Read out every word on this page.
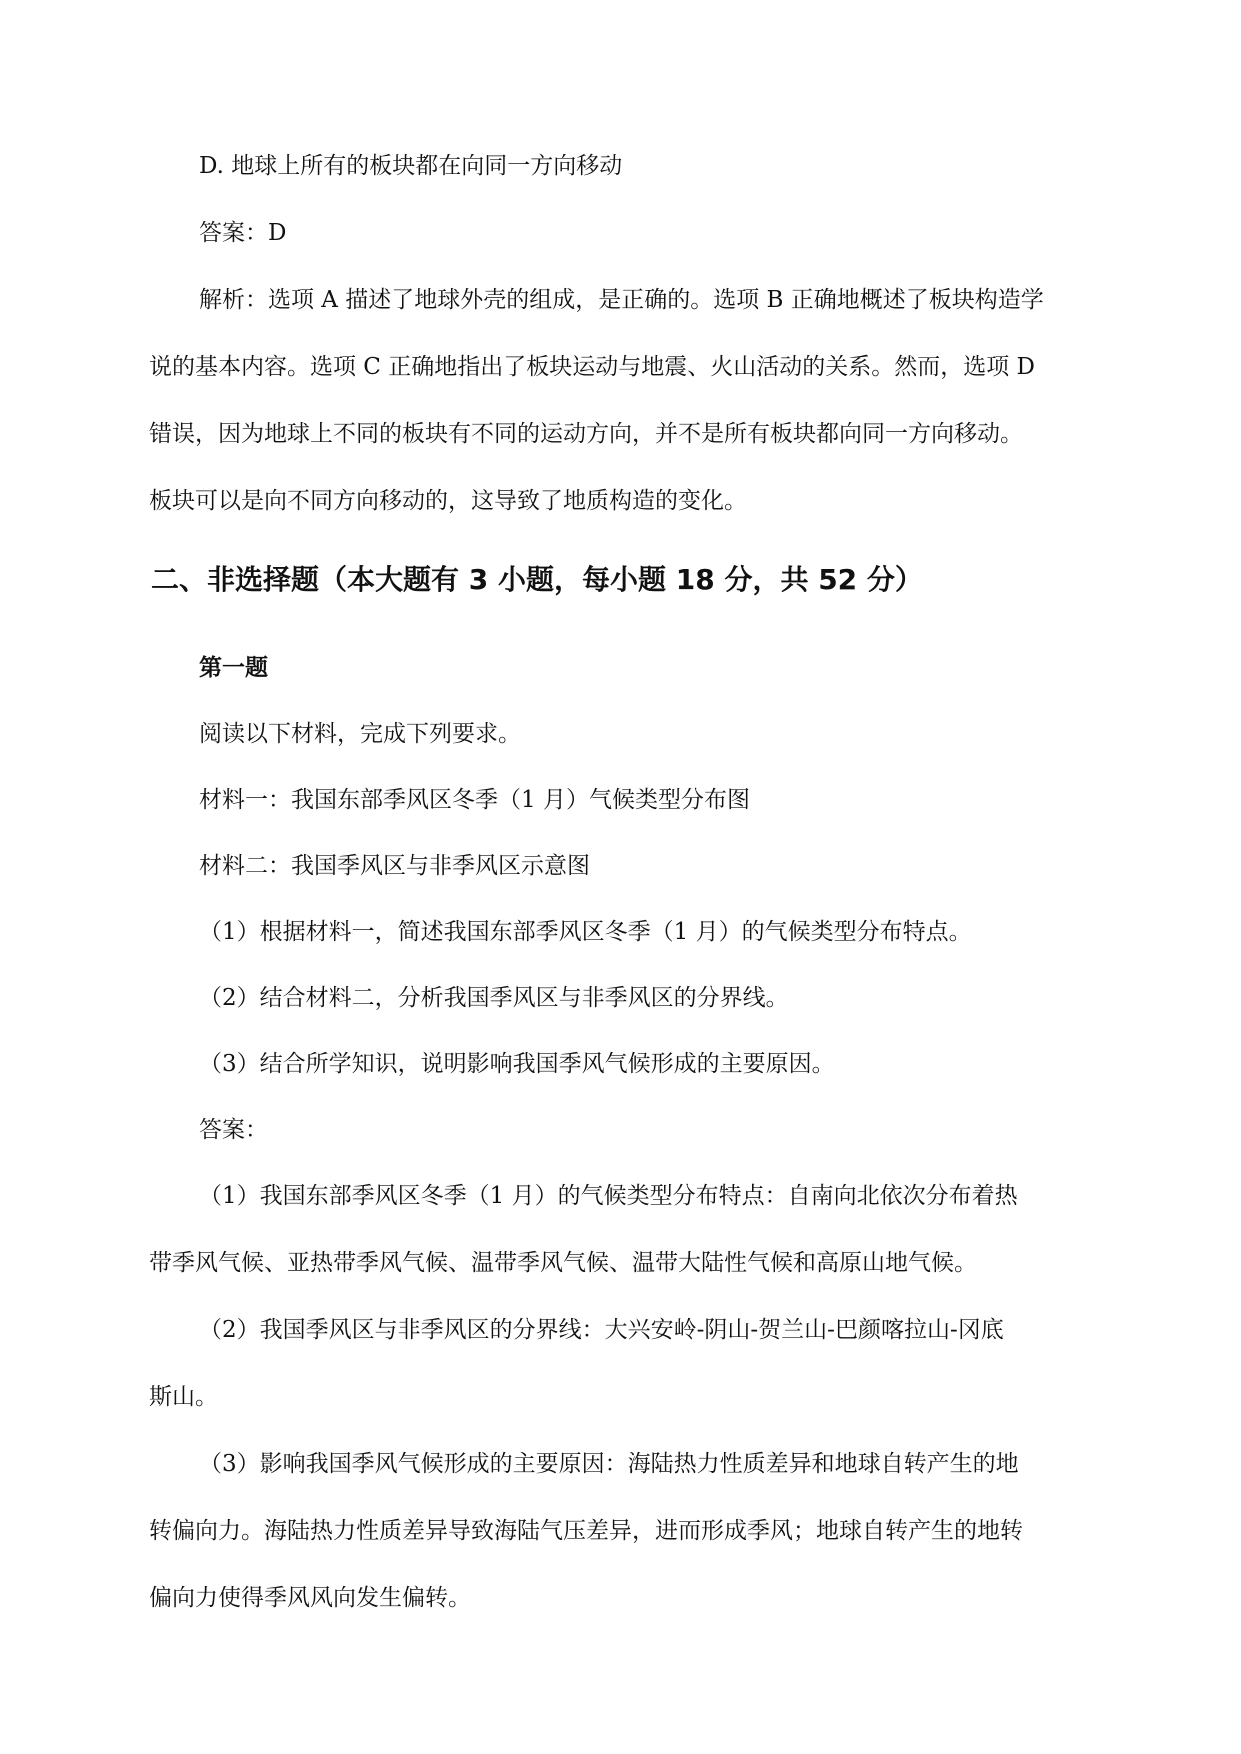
D. 地球上所有的板块都在向同一方向移动
答案：D
解析：选项 A 描述了地球外壳的组成，是正确的。选项 B 正确地概述了板块构造学
说的基本内容。选项 C 正确地指出了板块运动与地震、火山活动的关系。然而，选项 D
错误，因为地球上不同的板块有不同的运动方向，并不是所有板块都向同一方向移动。
板块可以是向不同方向移动的，这导致了地质构造的变化。
二、非选择题（本大题有 3 小题，每小题 18 分，共 52 分）
第一题
阅读以下材料，完成下列要求。
材料一：我国东部季风区冬季（1 月）气候类型分布图
材料二：我国季风区与非季风区示意图
（1）根据材料一，简述我国东部季风区冬季（1 月）的气候类型分布特点。
（2）结合材料二，分析我国季风区与非季风区的分界线。
（3）结合所学知识，说明影响我国季风气候形成的主要原因。
答案：
（1）我国东部季风区冬季（1 月）的气候类型分布特点：自南向北依次分布着热
带季风气候、亚热带季风气候、温带季风气候、温带大陆性气候和高原山地气候。
（2）我国季风区与非季风区的分界线：大兴安岭-阴山-贺兰山-巴颜喀拉山-冈底
斯山。
（3）影响我国季风气候形成的主要原因：海陆热力性质差异和地球自转产生的地
转偏向力。海陆热力性质差异导致海陆气压差异，进而形成季风；地球自转产生的地转
偏向力使得季风风向发生偏转。
